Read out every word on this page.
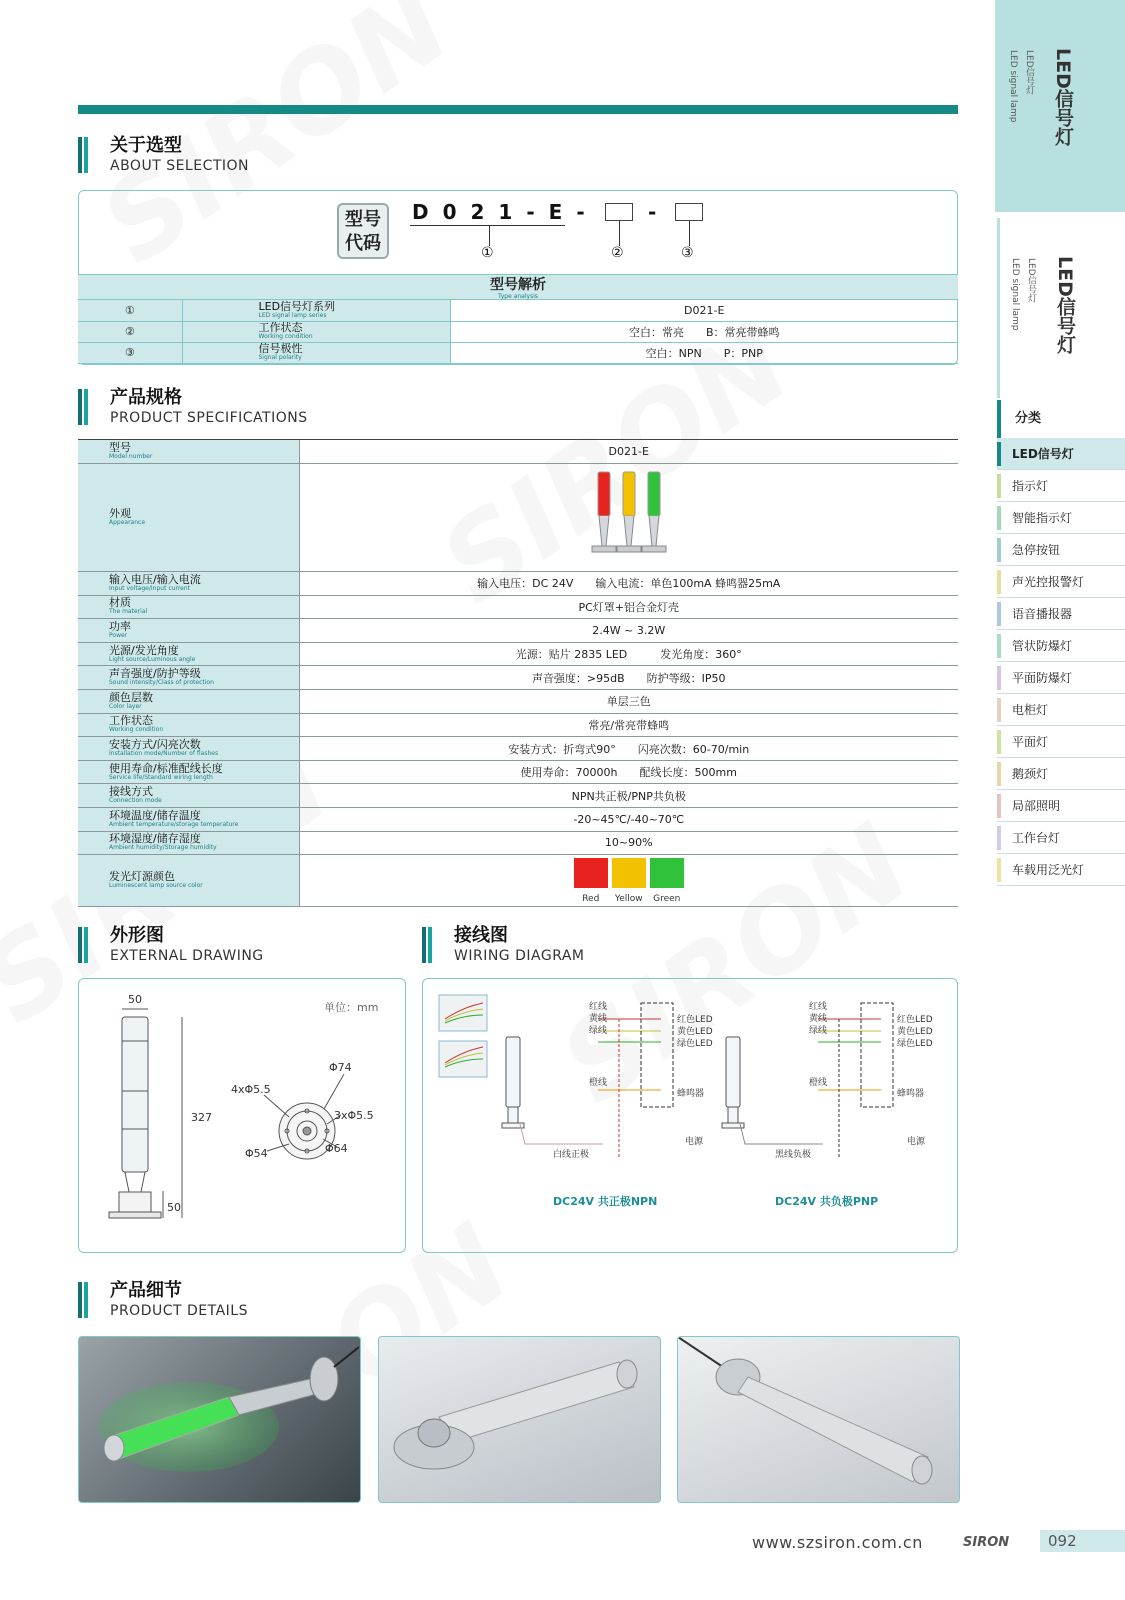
关于选型
ABOUT SELECTION
型号
代码
D021-E- -
①	②	③
型号解析
Type analysis
①	LED信号灯系列
LED signal lamp series	D021-E
②	工作状态
Working condition	空白：常亮　　B：常亮带蜂鸣
③	信号极性
Signal polarity	空白：NPN　　P：PNP
产品规格
PRODUCT SPECIFICATIONS
型号
Model number	D021-E

外观
Appearance

输入电压/输入电流
Input voltage/Input current	输入电压：DC 24V　　输入电流：单色100mA 蜂鸣器25mA

材质
The material	PC灯罩+铝合金灯壳

功率
Power	2.4W ~ 3.2W

光源/发光角度
Light source/Luminous angle	光源：贴片 2835 LED　　　发光角度：360°

声音强度/防护等级
Sound intensity/Class of protection	声音强度：>95dB　　防护等级：IP50

颜色层数
Color layer	单层三色

工作状态
Working condition	常亮/常亮带蜂鸣

安装方式/闪亮次数
Installation mode/Number of flashes	安装方式：折弯式90°　　闪亮次数：60-70/min

使用寿命/标准配线长度
Service life/Standard wiring length	使用寿命：70000h　　配线长度：500mm

接线方式
Connection mode	NPN共正极/PNP共负极

环境温度/储存温度
Ambient temperature/storage temperature	-20~45℃/-40~70℃

环境湿度/储存湿度
Ambient humidity/Storage humidity	10~90%

发光灯源颜色
Luminescent lamp source color	Red Yellow Green
外形图
EXTERNAL DRAWING
单位：mm
50
327
50
4xΦ5.5
Φ74
3xΦ5.5
Φ54	Φ64
接线图
WIRING DIAGRAM
红线
黄线
绿线
橙线
红色LED
黄色LED
绿色LED
蜂鸣器
电源
白线正极
DC24V 共正极NPN
红线
黄线
绿线
橙线
红色LED
黄色LED
绿色LED
蜂鸣器
电源
黑线负极
DC24V 共负极PNP
产品细节
PRODUCT DETAILS
LED信号灯
LED信号灯
LED signal lamp
LED信号灯
LED信号灯
LED signal lamp
分类
LED信号灯
指示灯
智能指示灯
急停按钮
声光控报警灯
语音播报器
管状防爆灯
平面防爆灯
电柜灯
平面灯
鹅颈灯
局部照明
工作台灯
车载用泛光灯
www.szsiron.com.cn	SIRON	092
